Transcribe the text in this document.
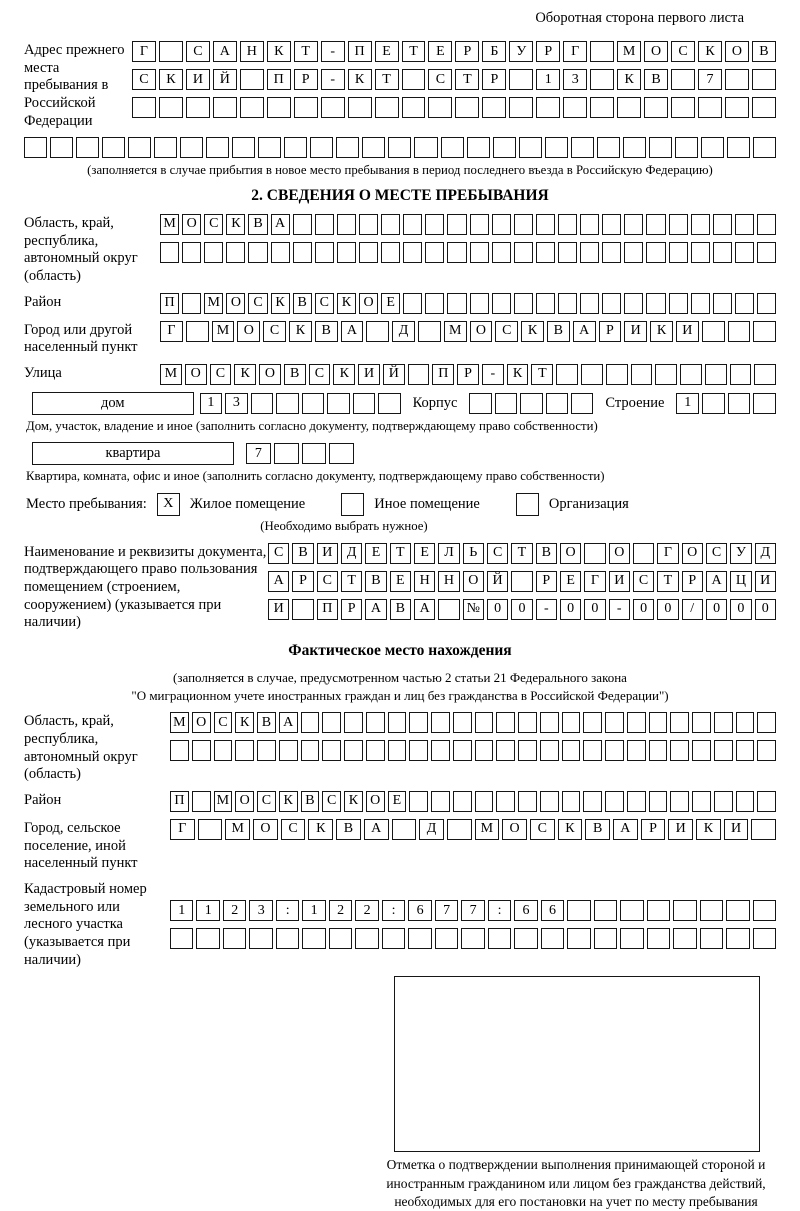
Оборотная сторона первого листа
Адрес прежнего места пребывания в Российской Федерации
Г	С	А	Н	К	Т	-	П	Е	Т	Е	Р	Б	У	Р	Г	М	О	С	К	О	В
С	К	И	Й	П	Р	-	К	Т	С	Т	Р	1	3	К	В	7
(заполняется в случае прибытия в новое место пребывания в период последнего въезда в Российскую Федерацию)
2. СВЕДЕНИЯ О МЕСТЕ ПРЕБЫВАНИЯ
Область, край, республика, автономный округ (область)
М О С К В А
Район	П	М О С К В С К О Е
Город или другой населенный пункт
Г	М	О	С	К	В	А	Д	М	О	С	К	В	А	Р	И	К	И
Улица	М О	С	К	О	В	С	К	И	Й	П	Р	-	К	Т
дом	1	3	Корпус	Строение	1
Дом, участок, владение и иное (заполнить согласно документу, подтверждающему право собственности)
квартира	7
Квартира, комната, офис и иное (заполнить согласно документу, подтверждающему право собственности)
Место пребывания:	X	Жилое помещение	Иное помещение	Организация
(Необходимо выбрать нужное)
Наименование и реквизиты документа, подтверждающего право пользования помещением (строением, сооружением) (указывается при наличии)
С	В	И	Д	Е	Т	Е	Л	Ь	С	Т	В	О	О	Г	О	С	У	Д
А	Р	С	Т	В	Е	Н	Н	О	Й	Р	Е	Г	И	С	Т	Р	А	Ц	И
И	П	Р	А	В	А	№	0	0	-	0	0	-	0	0	/	0	0	0
Фактическое место нахождения
(заполняется в случае, предусмотренном частью 2 статьи 21 Федерального закона
"О миграционном учете иностранных граждан и лиц без гражданства в Российской Федерации")
Область, край, республика, автономный округ (область)
М О С К В А
Район	П	М О С К В С К О Е
Город, сельское поселение, иной населенный пункт
Г	М	О	С	К	В	А	Д	М	О	С	К	В	А	Р	И	К	И
Кадастровый номер земельного или лесного участка (указывается при наличии)
1	1	2	3	:	1	2	2	:	6	7	7	:	6	6
Отметка о подтверждении выполнения принимающей стороной и иностранным гражданином или лицом без гражданства действий, необходимых для его постановки на учет по месту пребывания
